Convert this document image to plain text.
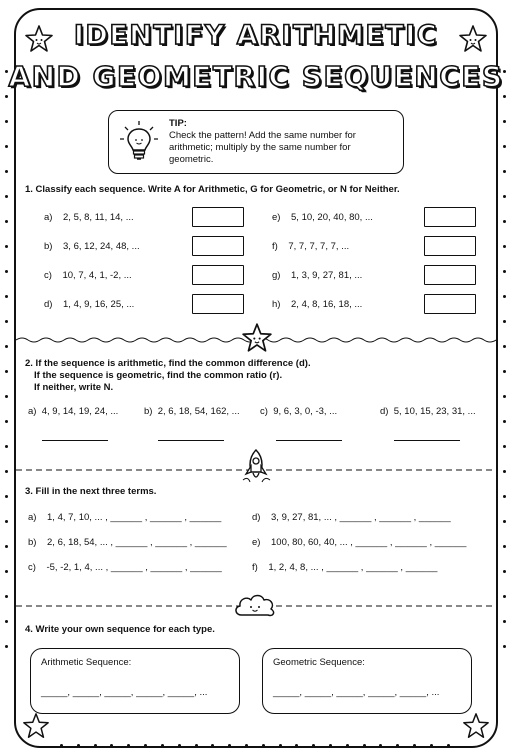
IDENTIFY ARITHMETIC
AND GEOMETRIC SEQUENCES
TIP:
Check the pattern! Add the same number for arithmetic; multiply by the same number for geometric.
1. Classify each sequence. Write A for Arithmetic, G for Geometric, or N for Neither.
a) 2, 5, 8, 11, 14, ...
b) 3, 6, 12, 24, 48, ...
c) 10, 7, 4, 1, -2, ...
d) 1, 4, 9, 16, 25, ...
e) 5, 10, 20, 40, 80, ...
f) 7, 7, 7, 7, 7, ...
g) 1, 3, 9, 27, 81, ...
h) 2, 4, 8, 16, 18, ...
2. If the sequence is arithmetic, find the common difference (d).
If the sequence is geometric, find the common ratio (r).
If neither, write N.
a) 4, 9, 14, 19, 24, ...	b) 2, 6, 18, 54, 162, ... c) 9, 6, 3, 0, -3, ...	d) 5, 10, 15, 23, 31, ...
3. Fill in the next three terms.
a) 1, 4, 7, 10, ... , ______ , ______ , ______
b) 2, 6, 18, 54, ... , ______ , ______ , ______
c) -5, -2, 1, 4, ... , ______ , ______ , ______
d) 3, 9, 27, 81, ... , ______ , ______ , ______
e) 100, 80, 60, 40, ... , ______ , ______ , ______
f) 1, 2, 4, 8, ... , ______ , ______ , ______
4. Write your own sequence for each type.
Arithmetic Sequence:
_____, _____, _____, _____, _____, ...
Geometric Sequence:
_____, _____, _____, _____, _____, ...
